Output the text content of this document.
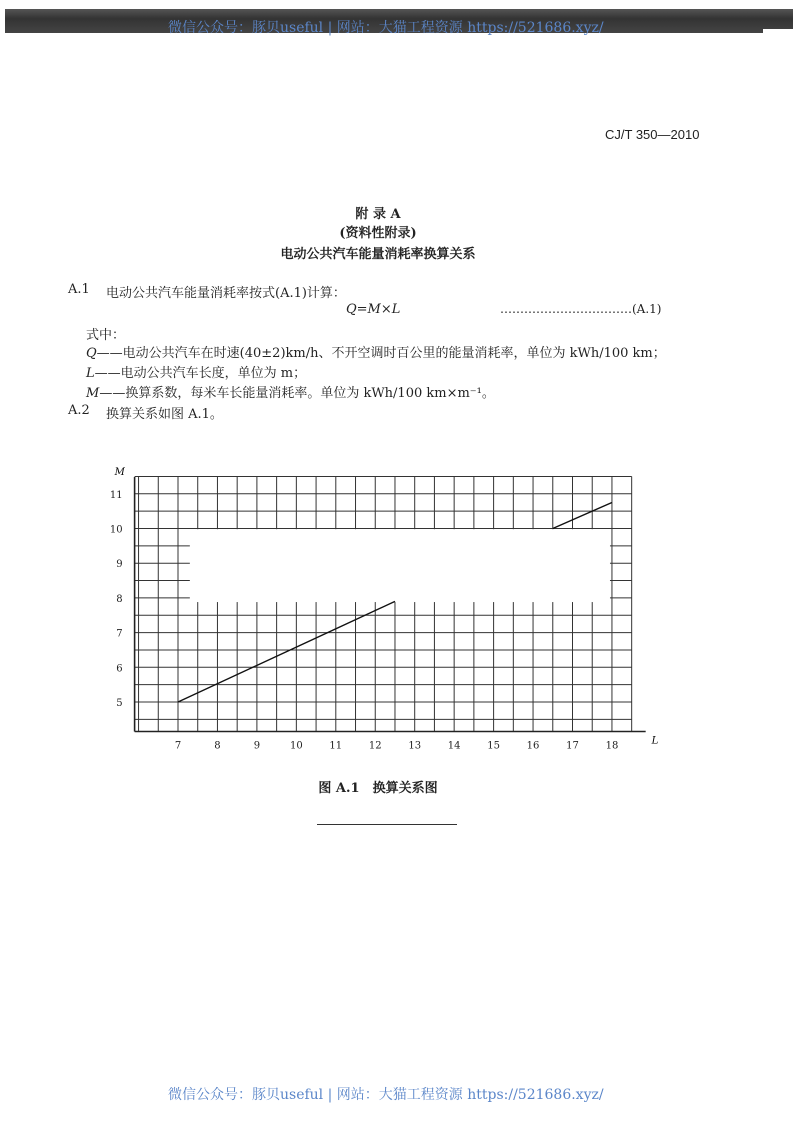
微信公众号：豚贝useful | 网站：大猫工程资源 https://521686.xyz/
CJ/T 350—2010
附 录 A
(资料性附录)
电动公共汽车能量消耗率换算关系
A.1 电动公共汽车能量消耗率按式(A.1)计算：
Q=M×L	……………………………(A.1)
式中：
Q——电动公共汽车在时速(40±2)km/h、不开空调时百公里的能量消耗率，单位为 kWh/100 km；
L——电动公共汽车长度，单位为 m；
M——换算系数，每米车长能量消耗率。单位为 kWh/100 km×m⁻¹。
A.2 换算关系如图 A.1。
7	8	9	10	11	12	13	14	15	16	17	18
5
6
7
8
9
10
11
L
M
图 A.1　换算关系图
微信公众号：豚贝useful | 网站：大猫工程资源 https://521686.xyz/
